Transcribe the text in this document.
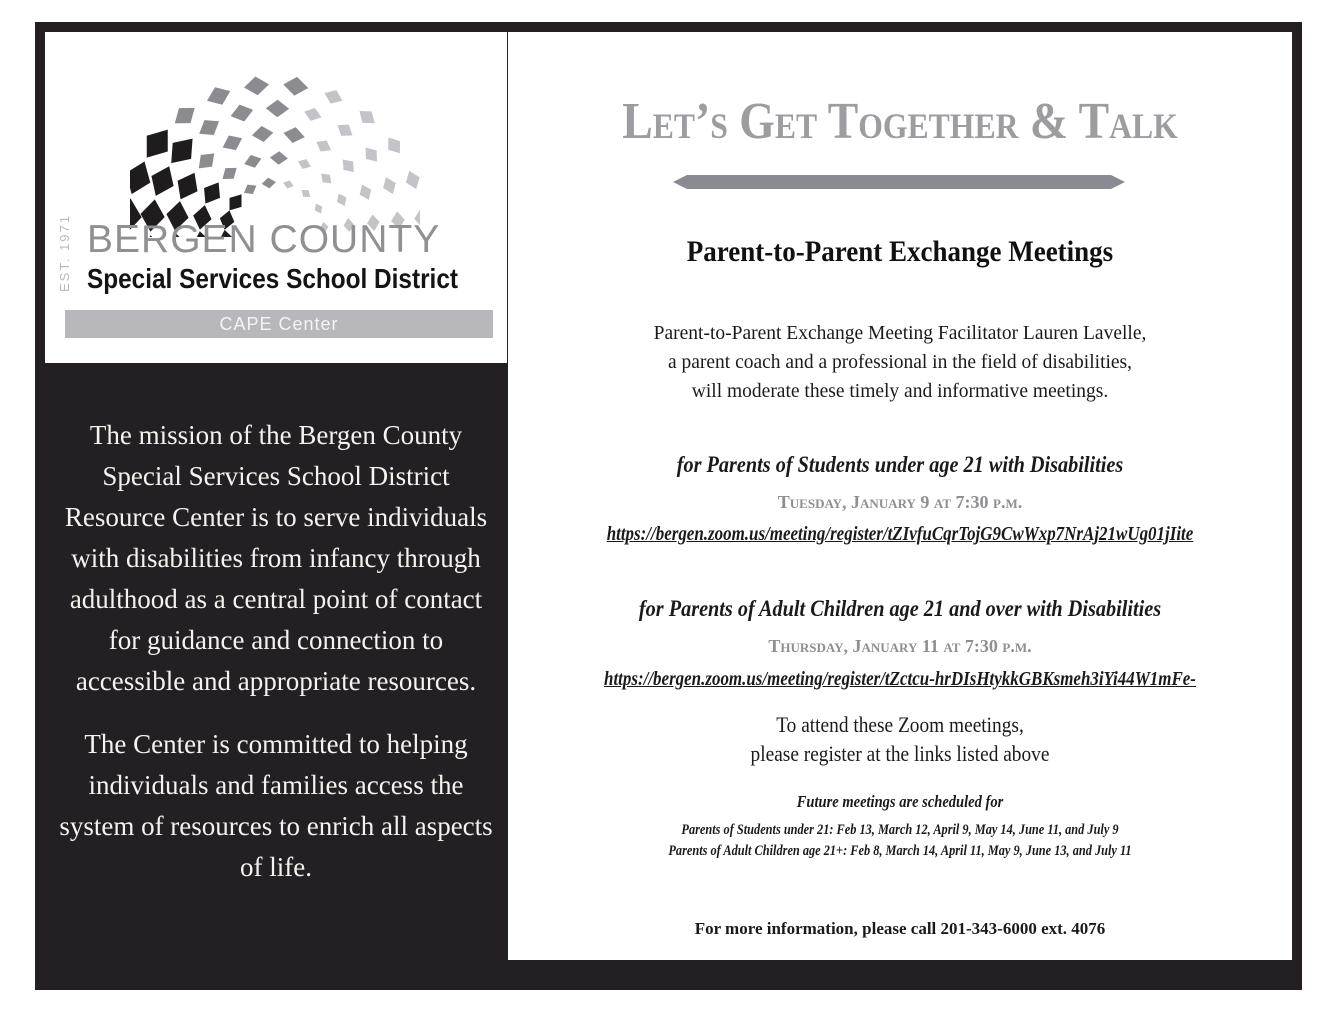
EST. 1971 BERGEN COUNTY
Special Services School District
CAPE Center

The mission of the Bergen County Special Services School District Resource Center is to serve individuals with disabilities from infancy through adulthood as a central point of contact for guidance and connection to accessible and appropriate resources.

The Center is committed to helping individuals and families access the system of resources to enrich all aspects of life.

Let’s Get Together & Talk
Parent-to-Parent Exchange Meetings
Parent-to-Parent Exchange Meeting Facilitator Lauren Lavelle,
a parent coach and a professional in the field of disabilities,
will moderate these timely and informative meetings.
for Parents of Students under age 21 with Disabilities
Tuesday, January 9 at 7:30 p.m.
https://bergen.zoom.us/meeting/register/tZIvfuCqrTojG9CwWxp7NrAj21wUg01jIite
for Parents of Adult Children age 21 and over with Disabilities
Thursday, January 11 at 7:30 p.m.
https://bergen.zoom.us/meeting/register/tZctcu-hrDIsHtykkGBKsmeh3iYi44W1mFe-
To attend these Zoom meetings,
please register at the links listed above
Future meetings are scheduled for
Parents of Students under 21: Feb 13, March 12, April 9, May 14, June 11, and July 9
Parents of Adult Children age 21+: Feb 8, March 14, April 11, May 9, June 13, and July 11
For more information, please call 201-343-6000 ext. 4076
